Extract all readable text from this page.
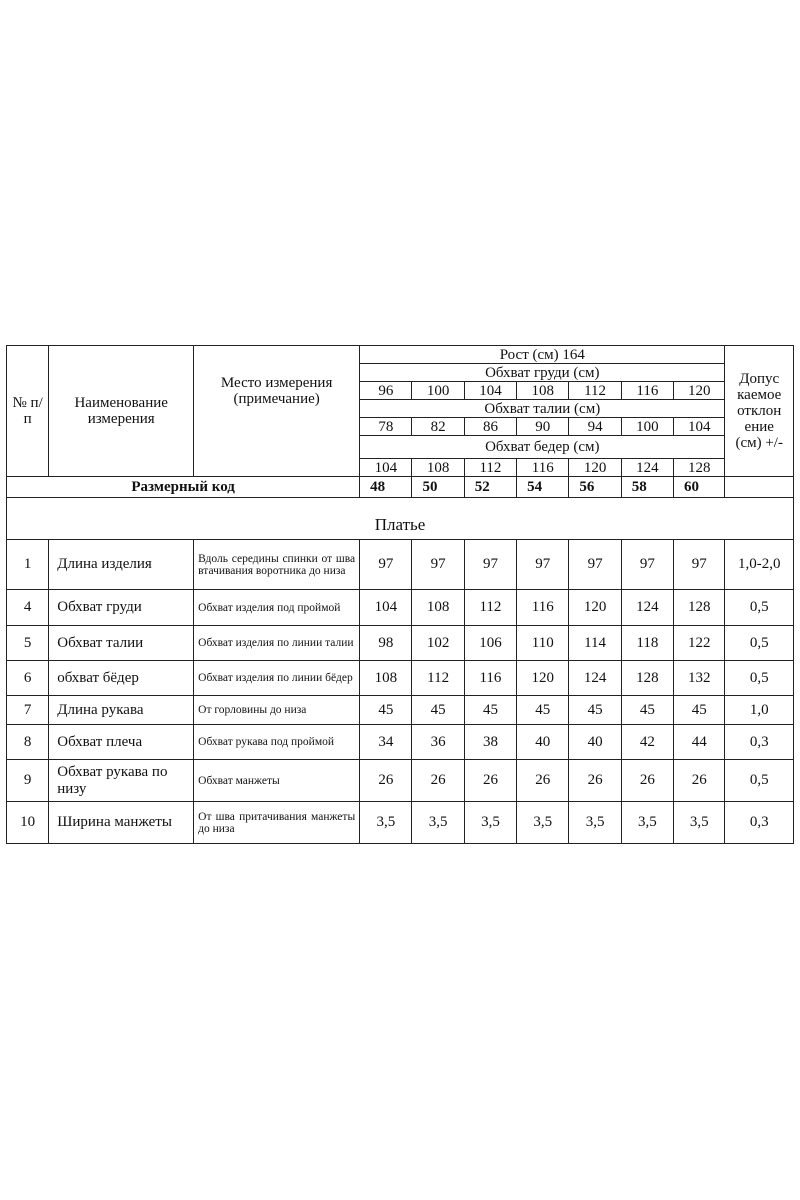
№ п/п	Наименование измерения	Место измерения (примечание)	Рост (см) 164							Допус каемое отклон ение (см) +/-
			Обхват груди (см)							
			96	100	104	108	112	116	120	
			Обхват талии (см)							
			78	82	86	90	94	100	104	
			Обхват бедер (см)							
			104	108	112	116	120	124	128	
Размерный код			48	50	52	54	56	58	60	
Платье										
1	Длина изделия	Вдоль середины спинки от шва втачивания воротника до низа	97	97	97	97	97	97	97	1,0-2,0
4	Обхват груди	Обхват изделия под проймой	104	108	112	116	120	124	128	0,5
5	Обхват талии	Обхват изделия по линии талии	98	102	106	110	114	118	122	0,5
6	обхват бёдер	Обхват изделия по линии бёдер	108	112	116	120	124	128	132	0,5
7	Длина рукава	От горловины до низа	45	45	45	45	45	45	45	1,0
8	Обхват плеча	Обхват рукава под проймой	34	36	38	40	40	42	44	0,3
9	Обхват рукава по низу	Обхват манжеты	26	26	26	26	26	26	26	0,5
10	Ширина манжеты	От шва притачивания манжеты до низа	3,5	3,5	3,5	3,5	3,5	3,5	3,5	0,3
